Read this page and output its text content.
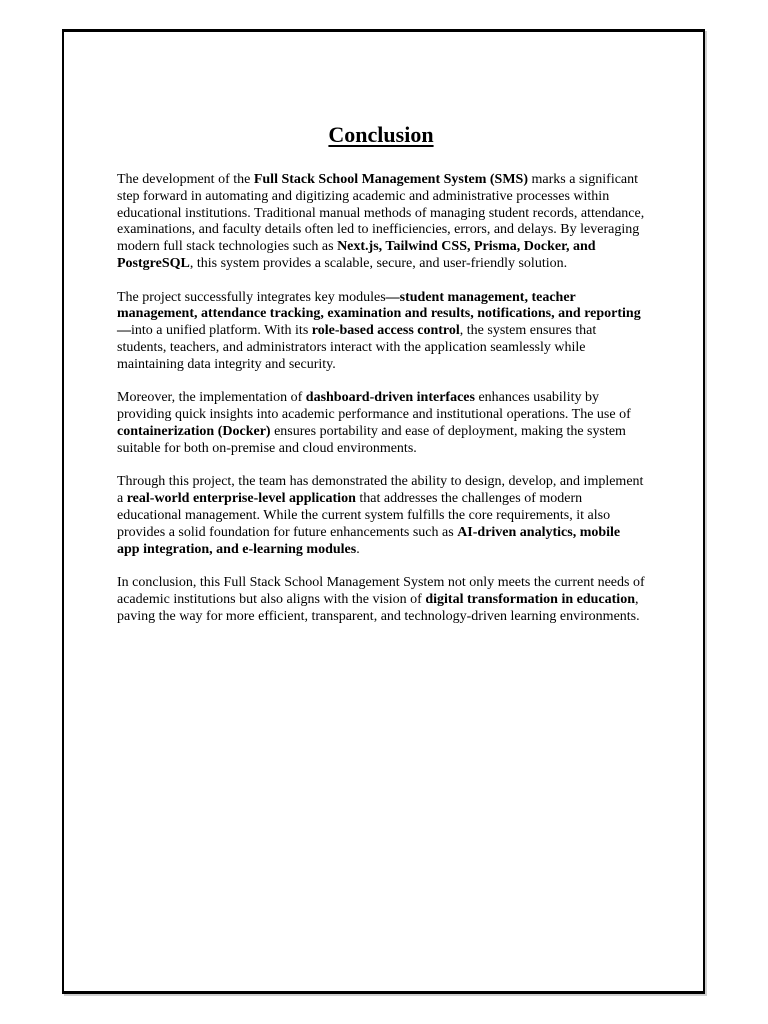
Conclusion

The development of the Full Stack School Management System (SMS) marks a significant step forward in automating and digitizing academic and administrative processes within educational institutions. Traditional manual methods of managing student records, attendance, examinations, and faculty details often led to inefficiencies, errors, and delays. By leveraging modern full stack technologies such as Next.js, Tailwind CSS, Prisma, Docker, and PostgreSQL, this system provides a scalable, secure, and user-friendly solution.

The project successfully integrates key modules—student management, teacher management, attendance tracking, examination and results, notifications, and reporting—into a unified platform. With its role-based access control, the system ensures that students, teachers, and administrators interact with the application seamlessly while maintaining data integrity and security.

Moreover, the implementation of dashboard-driven interfaces enhances usability by providing quick insights into academic performance and institutional operations. The use of containerization (Docker) ensures portability and ease of deployment, making the system suitable for both on-premise and cloud environments.

Through this project, the team has demonstrated the ability to design, develop, and implement a real-world enterprise-level application that addresses the challenges of modern educational management. While the current system fulfills the core requirements, it also provides a solid foundation for future enhancements such as AI-driven analytics, mobile app integration, and e-learning modules.

In conclusion, this Full Stack School Management System not only meets the current needs of academic institutions but also aligns with the vision of digital transformation in education, paving the way for more efficient, transparent, and technology-driven learning environments.
